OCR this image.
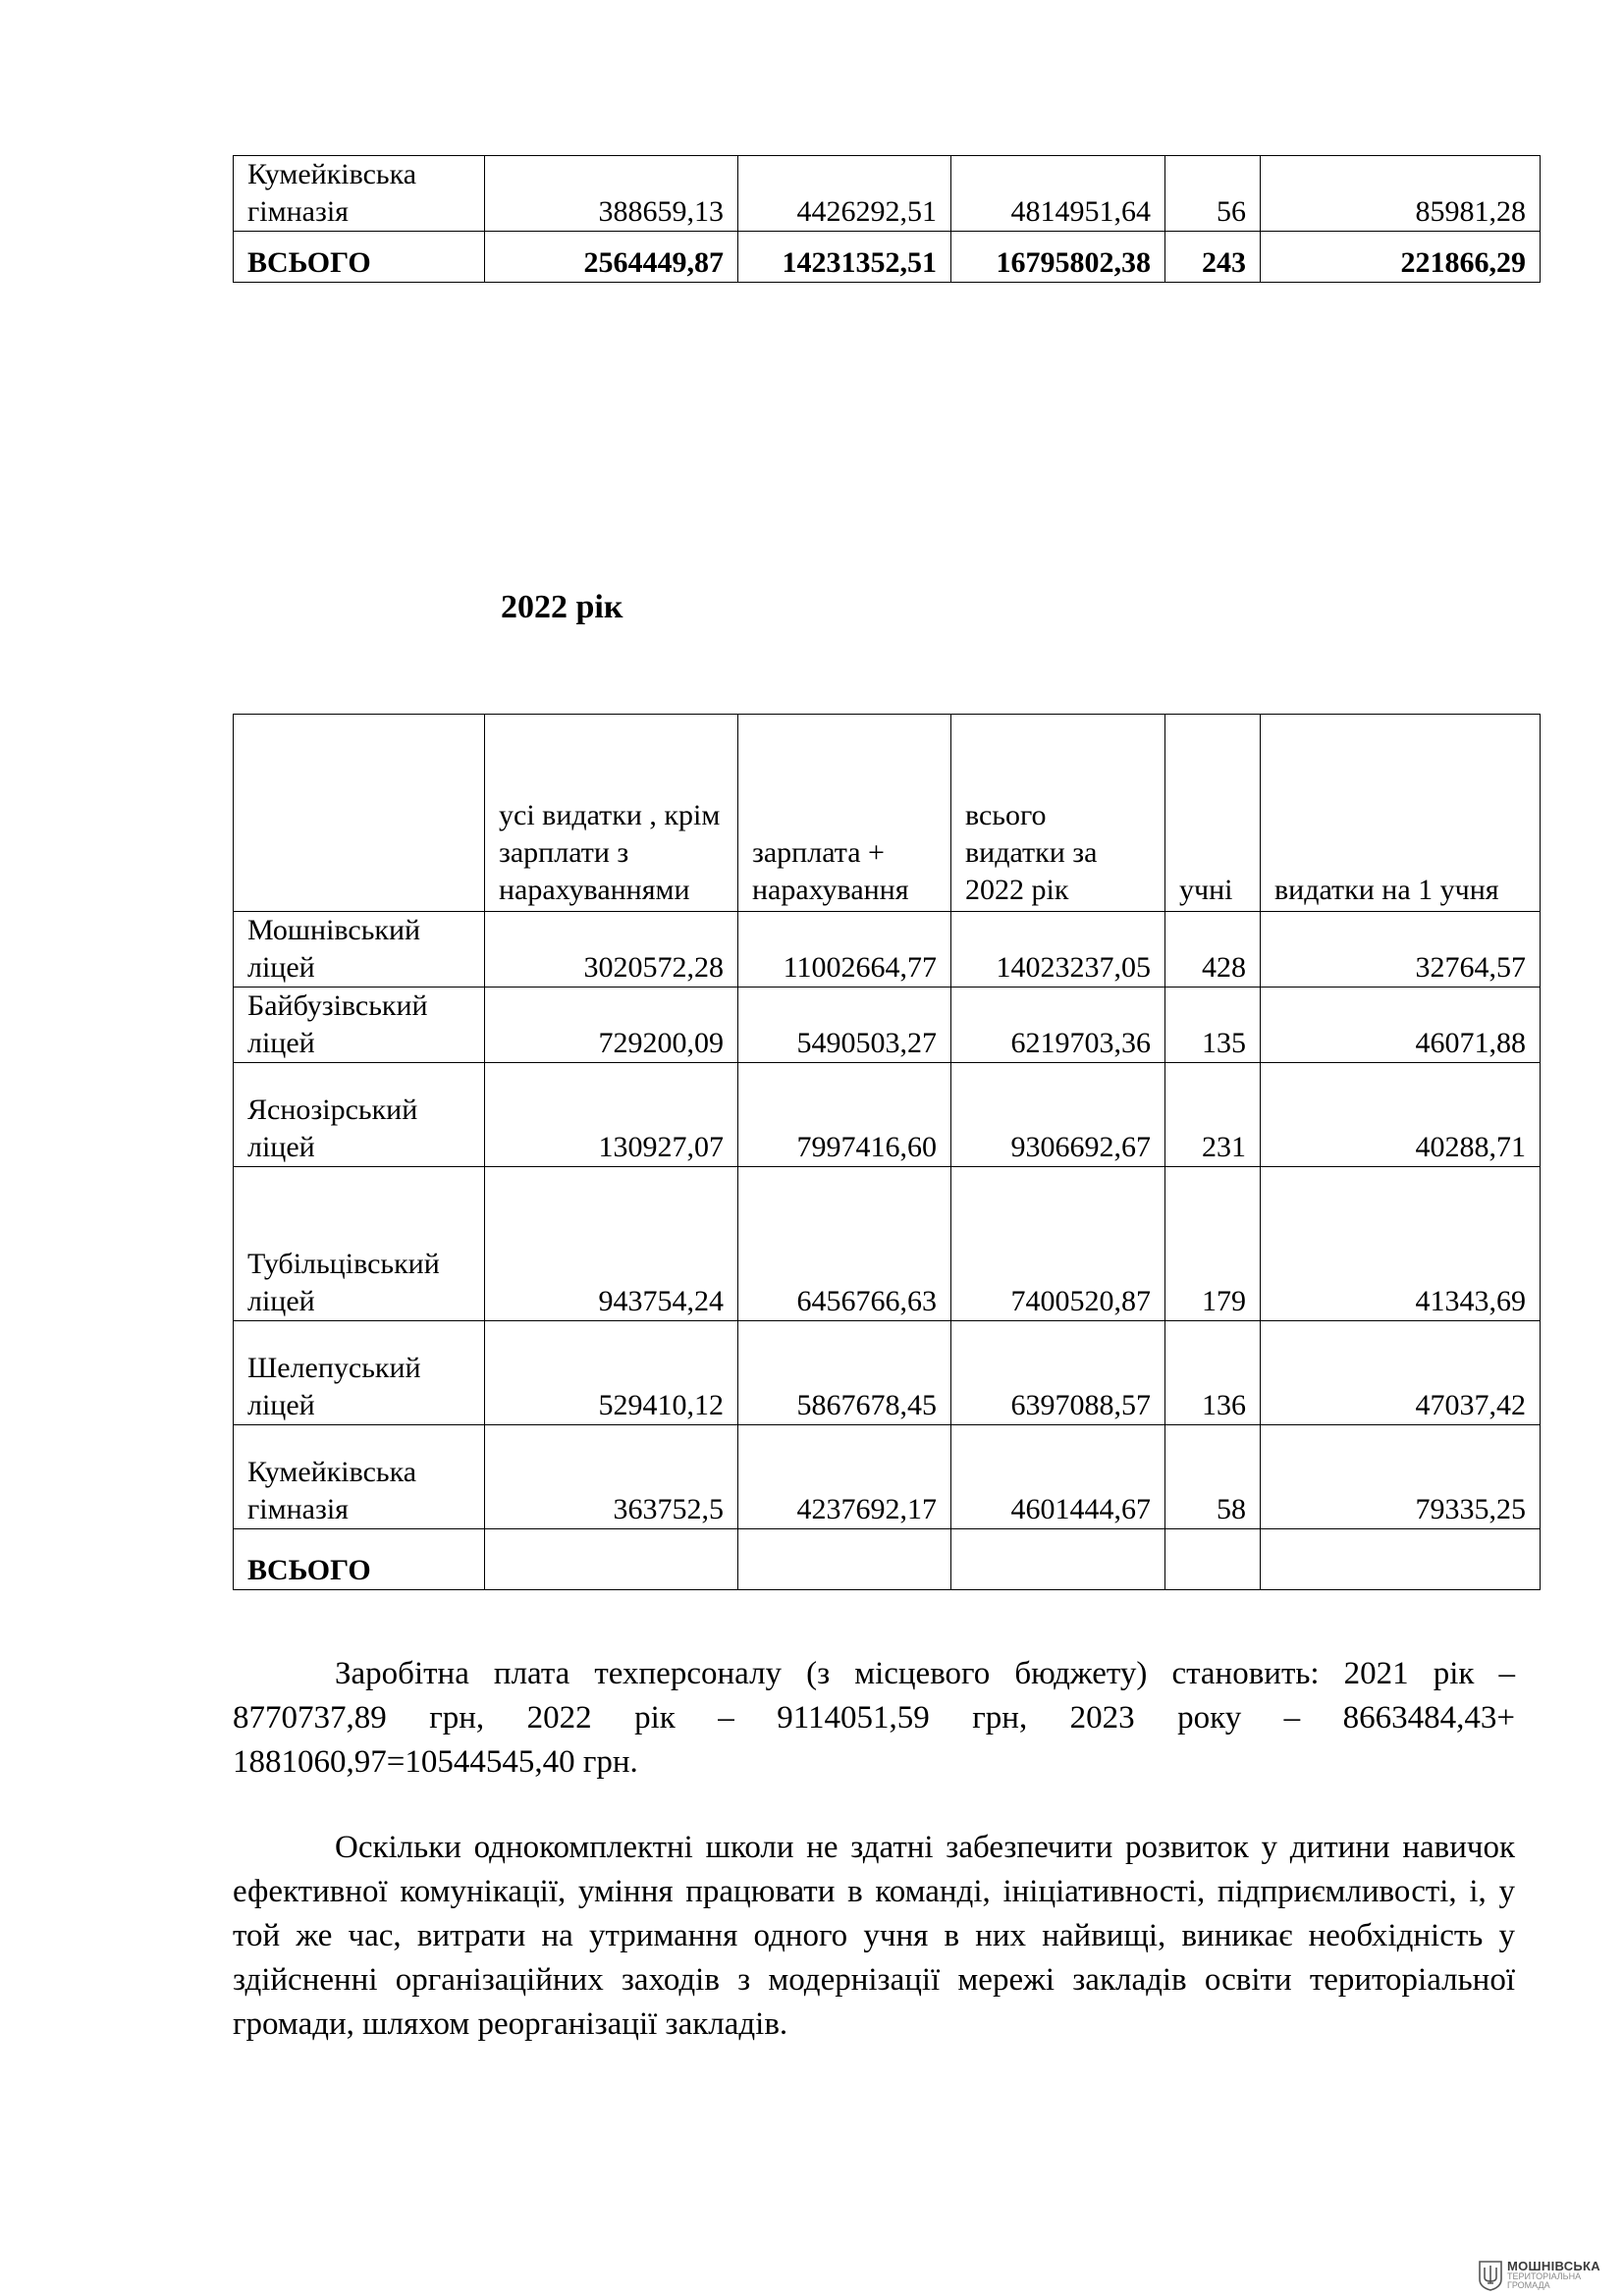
Кумейківська гімназія	388659,13	4426292,51	4814951,64	56	85981,28
ВСЬОГО	2564449,87	14231352,51	16795802,38	243	221866,29
2022 рік
	усі видатки , крім зарплати з нарахуваннями	зарплата + нарахування	всього видатки за 2022 рік	учні	видатки на 1 учня
Мошнівський ліцей	3020572,28	11002664,77	14023237,05	428	32764,57
Байбузівський ліцей	729200,09	5490503,27	6219703,36	135	46071,88
Яснозірський ліцей	130927,07	7997416,60	9306692,67	231	40288,71
Тубільцівський ліцей	943754,24	6456766,63	7400520,87	179	41343,69
Шелепуський ліцей	529410,12	5867678,45	6397088,57	136	47037,42
Кумейківська гімназія	363752,5	4237692,17	4601444,67	58	79335,25
ВСЬОГО					
Заробітна плата техперсоналу (з місцевого бюджету) становить: 2021 рік – 8770737,89 грн, 2022 рік – 9114051,59 грн, 2023 року – 8663484,43+ 1881060,97=10544545,40 грн.
Оскільки однокомплектні школи не здатні забезпечити розвиток у дитини навичок ефективної комунікації, уміння працювати в команді, ініціативності, підприємливості, і, у той же час, витрати на утримання одного учня в них найвищі, виникає необхідність у здійсненні організаційних заходів з модернізації мережі закладів освіти територіальної громади, шляхом реорганізації закладів.
МОШНІВСЬКА
ТЕРИТОРІАЛЬНА
ГРОМАДА
